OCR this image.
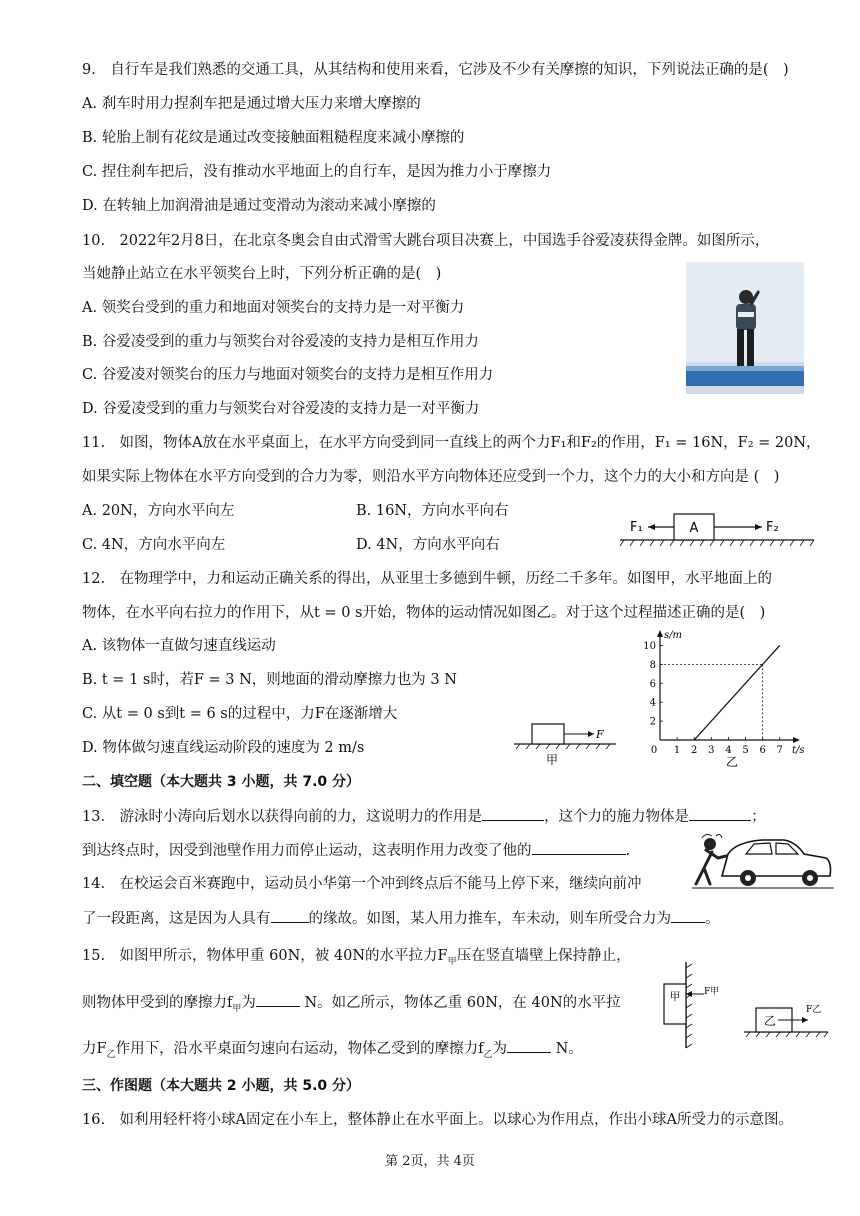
9.　自行车是我们熟悉的交通工具，从其结构和使用来看，它涉及不少有关摩擦的知识，下列说法正确的是(　)
A. 刹车时用力捏刹车把是通过增大压力来增大摩擦的
B. 轮胎上制有花纹是通过改变接触面粗糙程度来减小摩擦的
C. 捏住刹车把后，没有推动水平地面上的自行车，是因为推力小于摩擦力
D. 在转轴上加润滑油是通过变滑动为滚动来减小摩擦的
10.　2022年2月8日，在北京冬奥会自由式滑雪大跳台项目决赛上，中国选手谷爱凌获得金牌。如图所示，
当她静止站立在水平领奖台上时，下列分析正确的是(　)
A. 领奖台受到的重力和地面对领奖台的支持力是一对平衡力
B. 谷爱凌受到的重力与领奖台对谷爱凌的支持力是相互作用力
C. 谷爱凌对领奖台的压力与地面对领奖台的支持力是相互作用力
D. 谷爱凌受到的重力与领奖台对谷爱凌的支持力是一对平衡力
11.　如图，物体A放在水平桌面上，在水平方向受到同一直线上的两个力F₁和F₂的作用，F₁ = 16N，F₂ = 20N，
如果实际上物体在水平方向受到的合力为零，则沿水平方向物体还应受到一个力，这个力的大小和方向是 (　)
A. 20N，方向水平向左	B. 16N，方向水平向右
C. 4N，方向水平向左	D. 4N，方向水平向右
A
F₁	F₂
12.　在物理学中，力和运动正确关系的得出，从亚里士多德到牛顿，历经二千多年。如图甲，水平地面上的
物体，在水平向右拉力的作用下，从t = 0 s开始，物体的运动情况如图乙。对于这个过程描述正确的是(　)
A. 该物体一直做匀速直线运动
B. t = 1 s时，若F = 3 N，则地面的滑动摩擦力也为 3 N
C. 从t = 0 s到t = 6 s的过程中，力F在逐渐增大
D. 物体做匀速直线运动阶段的速度为 2 m/s
F
甲
t/s
s/m
0 1 2 3 4 5 6 7
2
4
6
8
10
乙
二、填空题（本大题共 3 小题，共 7.0 分）
13.　游泳时小涛向后划水以获得向前的力，这说明力的作用是	，这个力的施力物体是	；
到达终点时，因受到池壁作用力而停止运动，这表明作用力改变了他的	.
14.　在校运会百米赛跑中，运动员小华第一个冲到终点后不能马上停下来，继续向前冲
了一段距离，这是因为人具有	的缘故。如图，某人用力推车，车未动，则车所受合力为 。
15.　如图甲所示，物体甲重 60N，被 40N的水平拉力$F_甲$压在竖直墙壁上保持静止，
则物体甲受到的摩擦力$f_甲$为	N。如乙所示，物体乙重 60N，在 40N的水平拉
力$F_乙$作用下，沿水平桌面匀速向右运动，物体乙受到的摩擦力$f_乙$为	N。
甲	F甲
乙
F乙
三、作图题（本大题共 2 小题，共 5.0 分）
16.　如利用轻杆将小球A固定在小车上，整体静止在水平面上。以球心为作用点，作出小球A所受力的示意图。
第 2页，共 4页
